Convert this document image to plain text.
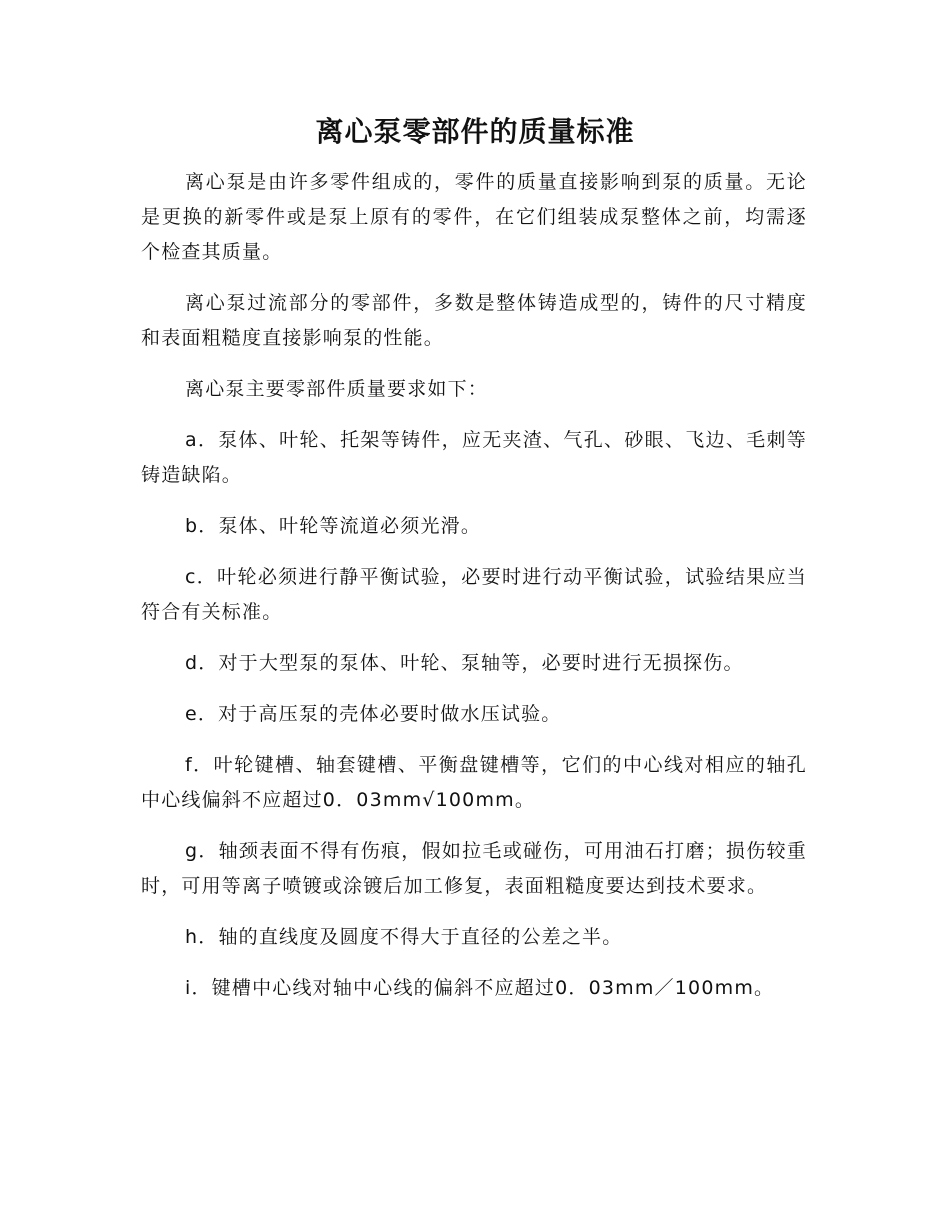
离心泵零部件的质量标准

离心泵是由许多零件组成的，零件的质量直接影响到泵的质量。无论是更换的新零件或是泵上原有的零件，在它们组装成泵整体之前，均需逐个检查其质量。

离心泵过流部分的零部件，多数是整体铸造成型的，铸件的尺寸精度和表面粗糙度直接影响泵的性能。

离心泵主要零部件质量要求如下：

a．泵体、叶轮、托架等铸件，应无夹渣、气孔、砂眼、飞边、毛刺等铸造缺陷。

b．泵体、叶轮等流道必须光滑。

c．叶轮必须进行静平衡试验，必要时进行动平衡试验，试验结果应当符合有关标准。

d．对于大型泵的泵体、叶轮、泵轴等，必要时进行无损探伤。

e．对于高压泵的壳体必要时做水压试验。

f．叶轮键槽、轴套键槽、平衡盘键槽等，它们的中心线对相应的轴孔中心线偏斜不应超过0．03mm√100mm。

g．轴颈表面不得有伤痕，假如拉毛或碰伤，可用油石打磨；损伤较重时，可用等离子喷镀或涂镀后加工修复，表面粗糙度要达到技术要求。

h．轴的直线度及圆度不得大于直径的公差之半。

i．键槽中心线对轴中心线的偏斜不应超过0．03mm／100mm。
